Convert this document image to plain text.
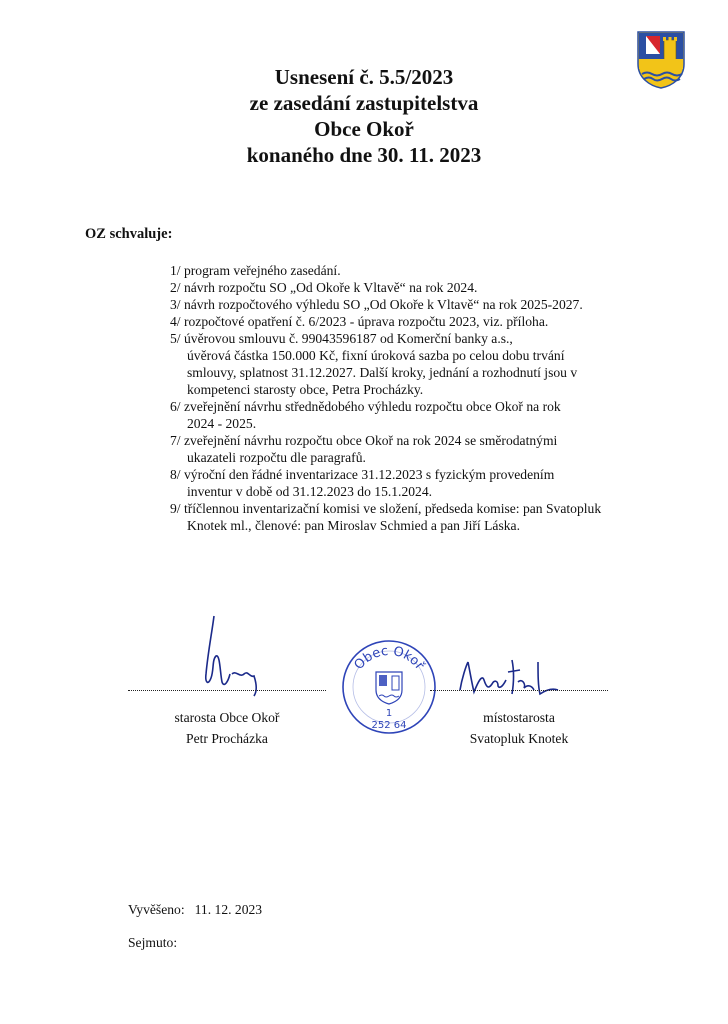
Usnesení č. 5.5/2023
ze zasedání zastupitelstva
Obce Okoř
konaného dne 30. 11. 2023
OZ schvaluje:
1/ program veřejného zasedání.
2/ návrh rozpočtu SO „Od Okoře k Vltavě“ na rok 2024.
3/ návrh rozpočtového výhledu SO „Od Okoře k Vltavě“ na rok 2025-2027.
4/ rozpočtové opatření č. 6/2023 - úprava rozpočtu 2023, viz. příloha.
5/ úvěrovou smlouvu č. 99043596187 od Komerční banky a.s.,
úvěrová částka 150.000 Kč, fixní úroková sazba po celou dobu trvání
smlouvy, splatnost 31.12.2027. Další kroky, jednání a rozhodnutí jsou v
kompetenci starosty obce, Petra Procházky.
6/ zveřejnění návrhu střednědobého výhledu rozpočtu obce Okoř na rok
2024 - 2025.
7/ zveřejnění návrhu rozpočtu obce Okoř na rok 2024 se směrodatnými
ukazateli rozpočtu dle paragrafů.
8/ výroční den řádné inventarizace 31.12.2023 s fyzickým provedením
inventur v době od 31.12.2023 do 15.1.2024.
9/ tříčlennou inventarizační komisi ve složení, předseda komise: pan Svatopluk
Knotek ml., členové: pan Miroslav Schmied a pan Jiří Láska.
starosta Obce Okoř
Petr Procházka
Obec Okoř
1
252 64
místostarosta
Svatopluk Knotek
Vyvěšeno: 11. 12. 2023
Sejmuto:
